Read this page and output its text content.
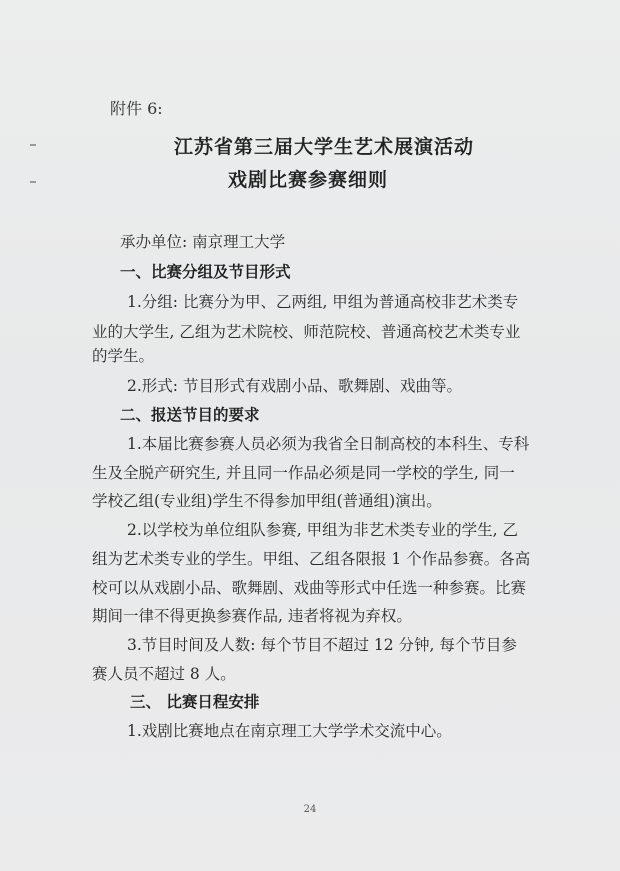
附件 6:
江苏省第三届大学生艺术展演活动
戏剧比赛参赛细则
承办单位: 南京理工大学
一、比赛分组及节目形式
1.分组: 比赛分为甲、乙两组, 甲组为普通高校非艺术类专
业的大学生, 乙组为艺术院校、师范院校、普通高校艺术类专业
的学生。
2.形式: 节目形式有戏剧小品、歌舞剧、戏曲等。
二、报送节目的要求
1.本届比赛参赛人员必须为我省全日制高校的本科生、专科
生及全脱产研究生, 并且同一作品必须是同一学校的学生, 同一
学校乙组(专业组)学生不得参加甲组(普通组)演出。
2.以学校为单位组队参赛, 甲组为非艺术类专业的学生, 乙
组为艺术类专业的学生。甲组、乙组各限报 1 个作品参赛。各高
校可以从戏剧小品、歌舞剧、戏曲等形式中任选一种参赛。比赛
期间一律不得更换参赛作品, 违者将视为弃权。
3.节目时间及人数: 每个节目不超过 12 分钟, 每个节目参
赛人员不超过 8 人。
三、 比赛日程安排
1.戏剧比赛地点在南京理工大学学术交流中心。
24
